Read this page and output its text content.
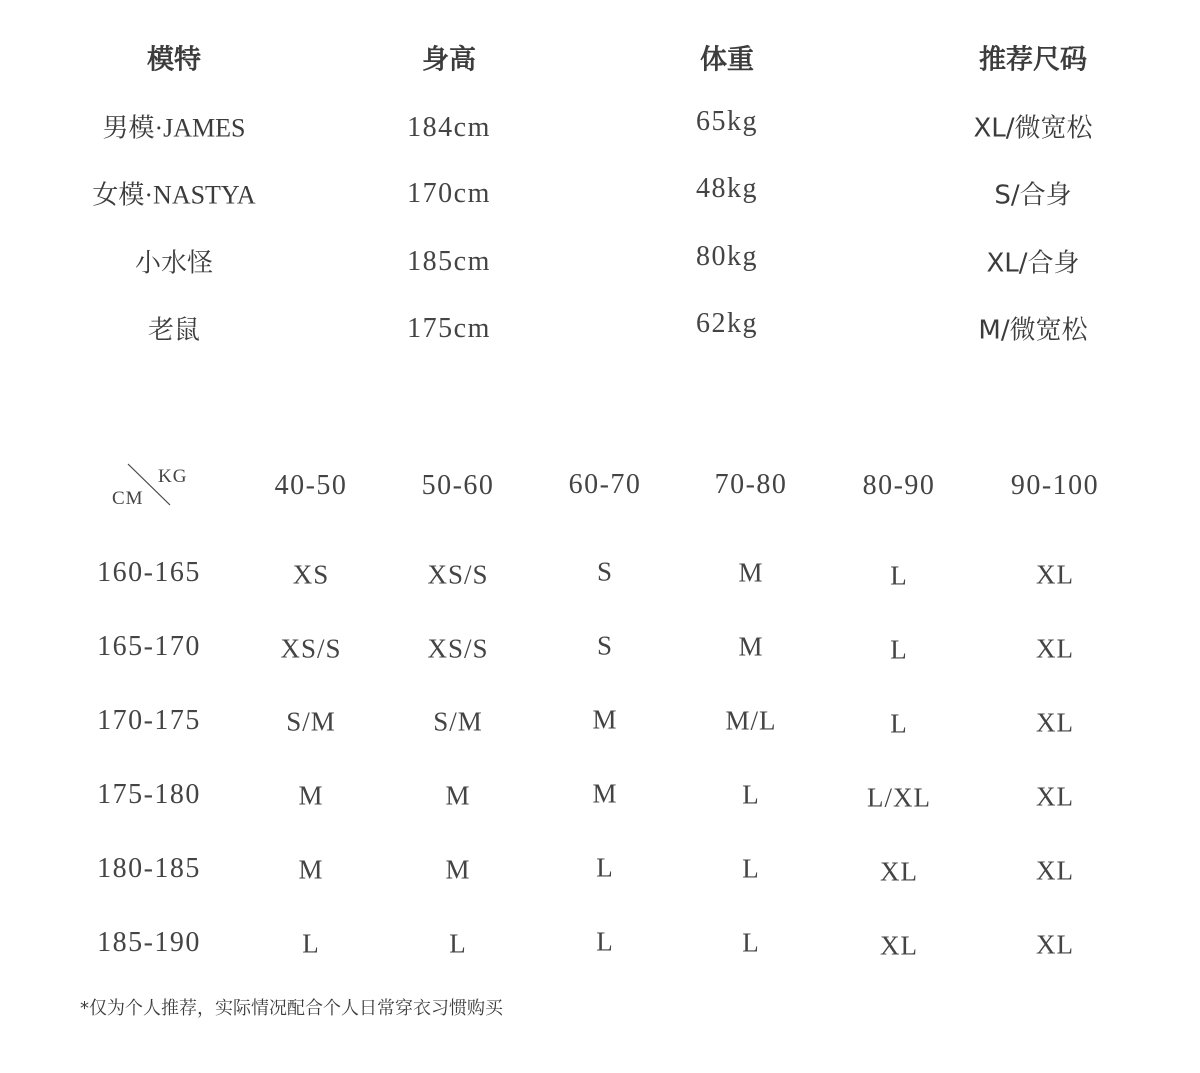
模特	身高	体重	推荐尺码
男模·JAMES	184cm	65kg	XL/微宽松
女模·NASTYA	170cm	48kg	S/合身
小水怪	185cm	80kg	XL/合身
老鼠	175cm	62kg	M/微宽松
KG
CM	40-50	50-60	60-70	70-80	80-90	90-100
160-165	XS	XS/S	S	M	L	XL
165-170	XS/S	XS/S	S	M	L	XL
170-175	S/M	S/M	M	M/L	L	XL
175-180	M	M	M	L	L/XL	XL
180-185	M	M	L	L	XL	XL
185-190	L	L	L	L	XL	XL
*仅为个人推荐，实际情况配合个人日常穿衣习惯购买
